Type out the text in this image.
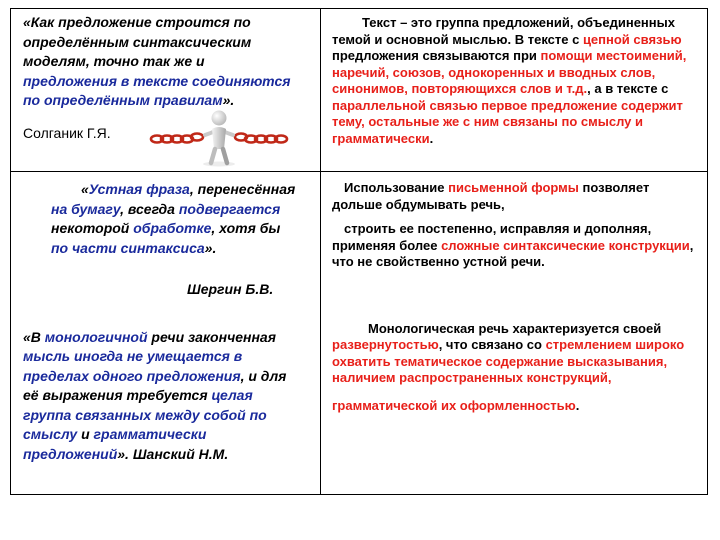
«Как предложение строится по определённым синтаксическим моделям, точно так же и предложения в тексте соединяются по определённым правилам».

Солганик Г.Я.

Текст – это группа предложений, объединенных темой и основной мыслью. В тексте с цепной связью предложения связываются при помощи местоимений, наречий, союзов, однокоренных и вводных слов, синонимов, повторяющихся слов и т.д., а в тексте с параллельной связью первое предложение содержит тему, остальные же с ним связаны по смыслу и грамматически.

«Устная фраза, перенесённая на бумагу, всегда подвергается некоторой обработке, хотя бы по части синтаксиса».

Шергин Б.В.

«В монологичной речи законченная мысль иногда не умещается в пределах одного предложения, и для её выражения требуется целая группа связанных между собой по смыслу и грамматически предложений». Шанский Н.М.

Использование письменной формы позволяет дольше обдумывать речь,

строить ее постепенно, исправляя и дополняя, применяя более сложные синтаксические конструкции, что не свойственно устной речи.

Монологическая речь характеризуется своей развернутостью, что связано со стремлением широко охватить тематическое содержание высказывания, наличием распространенных конструкций,

грамматической их оформленностью.
